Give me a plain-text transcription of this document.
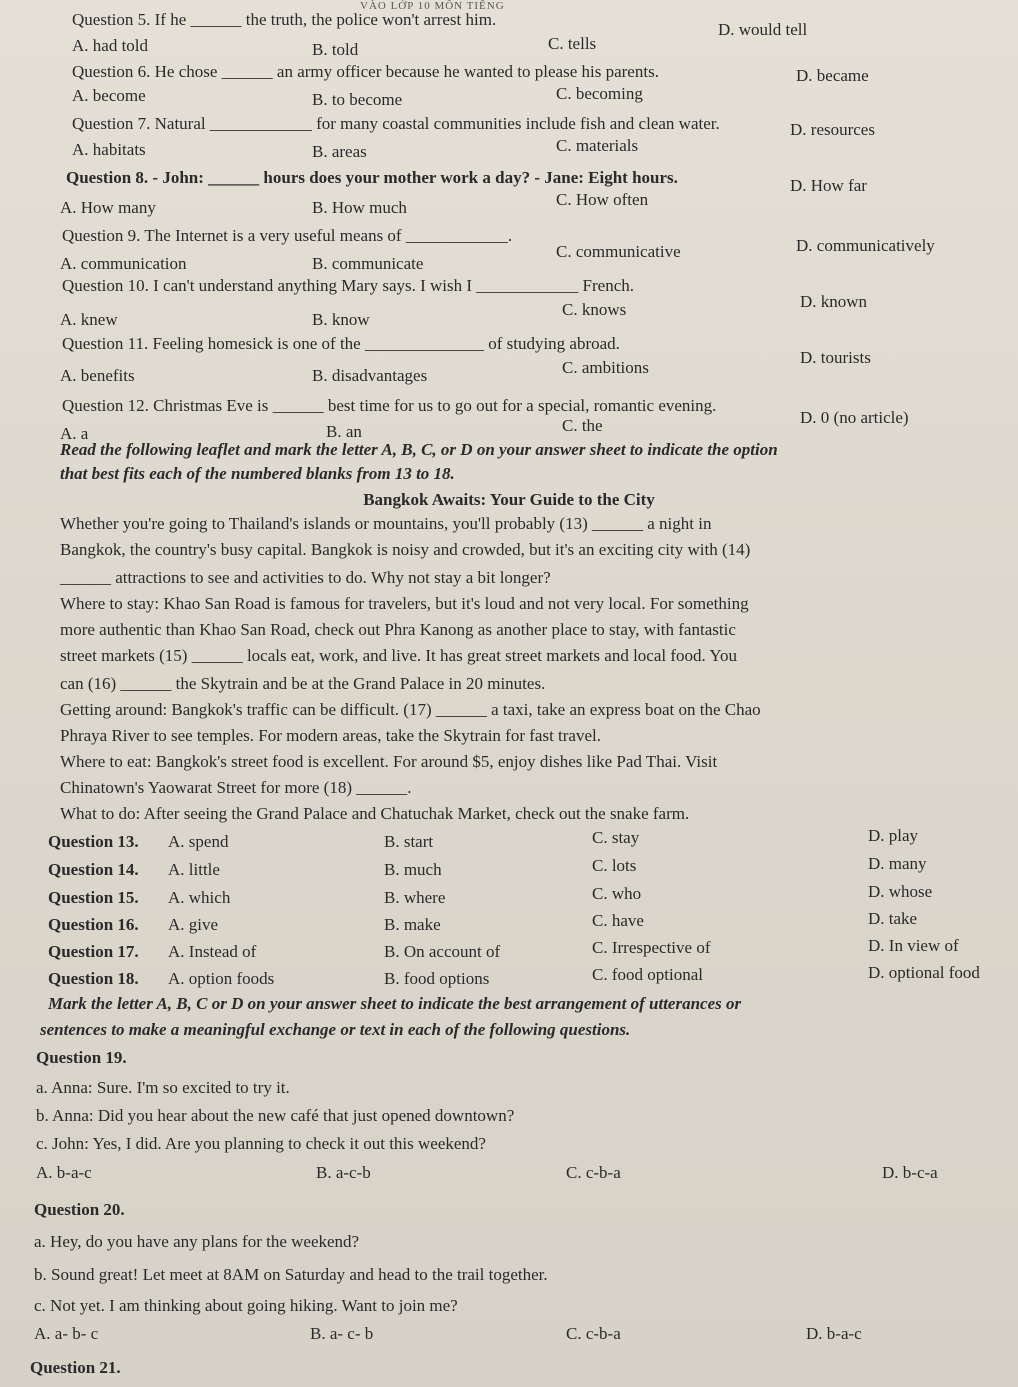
VÀO LỚP 10 MÔN TIẾNG
Question 5. If he ______ the truth, the police won't arrest him.
A. had told	B. told	C. tells
D. would tell
Question 6. He chose ______ an army officer because he wanted to please his parents.
A. become	B. to become	C. becoming
D. became
Question 7. Natural ____________ for many coastal communities include fish and clean water.
A. habitats	B. areas	C. materials
D. resources
Question 8. - John: ______ hours does your mother work a day? - Jane: Eight hours.
A. How many	B. How much	C. How often
D. How far
Question 9. The Internet is a very useful means of ____________.
A. communication	B. communicate
C. communicative	D. communicatively
Question 10. I can't understand anything Mary says. I wish I ____________ French.
A. knew	B. know
C. knows	D. known
Question 11. Feeling homesick is one of the ______________ of studying abroad.
A. benefits	B. disadvantages	C. ambitions
D. tourists
Question 12. Christmas Eve is ______ best time for us to go out for a special, romantic evening.
A. a	B. an	C. the	D. 0 (no article)
Read the following leaflet and mark the letter A, B, C, or D on your answer sheet to indicate the option
that best fits each of the numbered blanks from 13 to 18.
Bangkok Awaits: Your Guide to the City
Whether you're going to Thailand's islands or mountains, you'll probably (13) ______ a night in
Bangkok, the country's busy capital. Bangkok is noisy and crowded, but it's an exciting city with (14)
______ attractions to see and activities to do. Why not stay a bit longer?
Where to stay: Khao San Road is famous for travelers, but it's loud and not very local. For something
more authentic than Khao San Road, check out Phra Kanong as another place to stay, with fantastic
street markets (15) ______ locals eat, work, and live. It has great street markets and local food. You
can (16) ______ the Skytrain and be at the Grand Palace in 20 minutes.
Getting around: Bangkok's traffic can be difficult. (17) ______ a taxi, take an express boat on the Chao
Phraya River to see temples. For modern areas, take the Skytrain for fast travel.
Where to eat: Bangkok's street food is excellent. For around $5, enjoy dishes like Pad Thai. Visit
Chinatown's Yaowarat Street for more (18) ______.
What to do: After seeing the Grand Palace and Chatuchak Market, check out the snake farm.
Question 13. A. spend	B. start	C. stay	D. play
Question 14. A. little	B. much	C. lots	D. many
Question 15. A. which	B. where	C. who	D. whose
Question 16. A. give	B. make	C. have	D. take
Question 17. A. Instead of	B. On account of	C. Irrespective of	D. In view of
Question 18. A. option foods	B. food options	C. food optional	D. optional food
Mark the letter A, B, C or D on your answer sheet to indicate the best arrangement of utterances or
sentences to make a meaningful exchange or text in each of the following questions.
Question 19.
a. Anna: Sure. I'm so excited to try it.
b. Anna: Did you hear about the new café that just opened downtown?
c. John: Yes, I did. Are you planning to check it out this weekend?
A. b-a-c	B. a-c-b	C. c-b-a	D. b-c-a
Question 20.
a. Hey, do you have any plans for the weekend?
b. Sound great! Let meet at 8AM on Saturday and head to the trail together.
c. Not yet. I am thinking about going hiking. Want to join me?
A. a- b- c	B. a- c- b	C. c-b-a	D. b-a-c
Question 21.
